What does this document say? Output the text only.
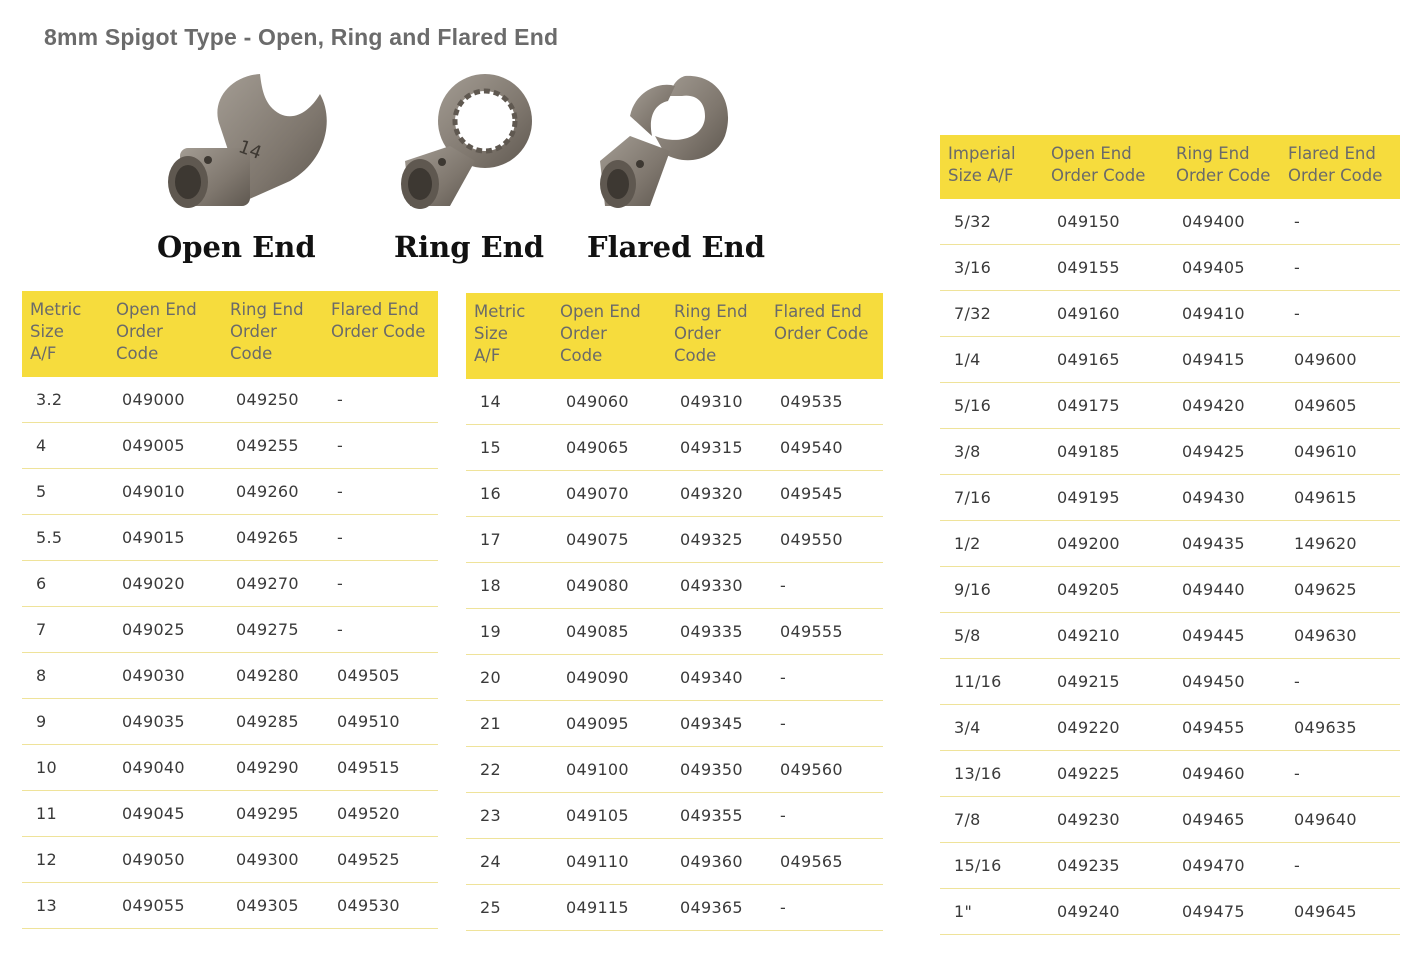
8mm Spigot Type - Open, Ring and Flared End
14
Open End	Ring End Flared End
Metric
Size
A/F	Open End
Order
Code	Ring End
Order
Code	Flared End
Order Code
3.2	049000	049250	-
4	049005	049255	-
5	049010	049260	-
5.5	049015	049265	-
6	049020	049270	-
7	049025	049275	-
8	049030	049280	049505
9	049035	049285	049510
10	049040	049290	049515
11	049045	049295	049520
12	049050	049300	049525
13	049055	049305	049530
Metric
Size
A/F	Open End
Order
Code	Ring End
Order
Code	Flared End
Order Code
14	049060	049310	049535
15	049065	049315	049540
16	049070	049320	049545
17	049075	049325	049550
18	049080	049330	-
19	049085	049335	049555
20	049090	049340	-
21	049095	049345	-
22	049100	049350	049560
23	049105	049355	-
24	049110	049360	049565
25	049115	049365	-
Imperial
Size A/F	Open End
Order Code	Ring End
Order Code	Flared End
Order Code
5/32	049150	049400	-
3/16	049155	049405	-
7/32	049160	049410	-
1/4	049165	049415	049600
5/16	049175	049420	049605
3/8	049185	049425	049610
7/16	049195	049430	049615
1/2	049200	049435	149620
9/16	049205	049440	049625
5/8	049210	049445	049630
11/16	049215	049450	-
3/4	049220	049455	049635
13/16	049225	049460	-
7/8	049230	049465	049640
15/16	049235	049470	-
1"	049240	049475	049645
